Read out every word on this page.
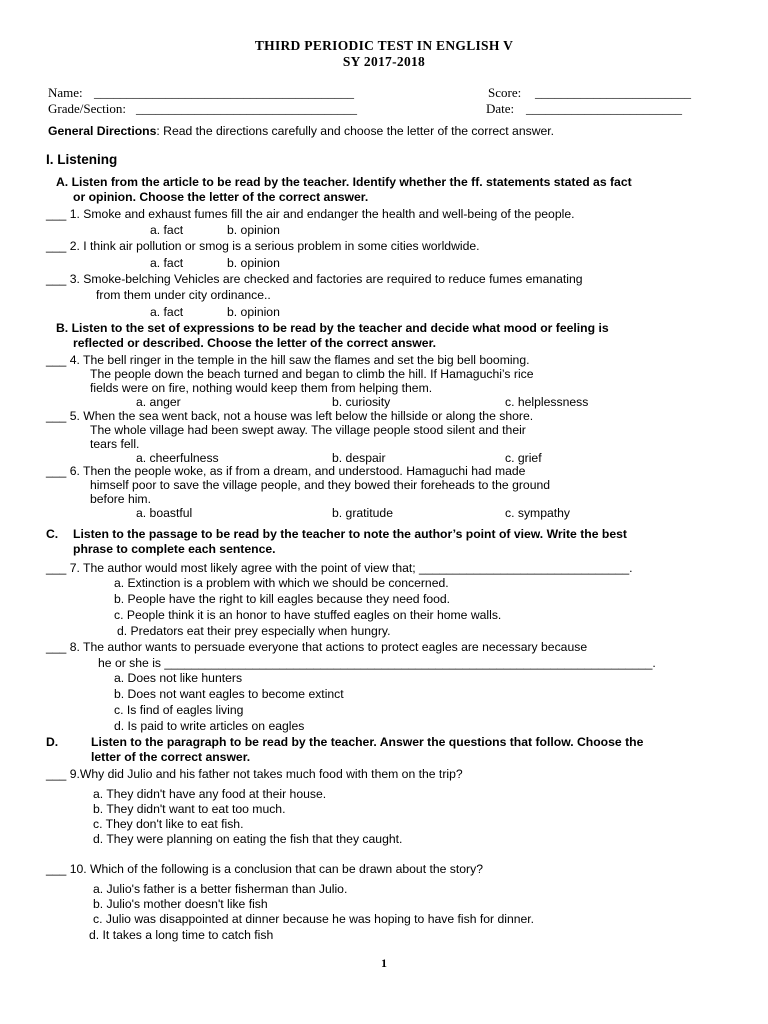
THIRD PERIODIC TEST IN ENGLISH V
SY 2017-2018
Name: ________________________________________	Score: ________________________
Grade/Section: __________________________________	Date: ________________________
General Directions: Read the directions carefully and choose the letter of the correct answer.
I. Listening
A. Listen from the article to be read by the teacher. Identify whether the ff. statements stated as fact
or opinion. Choose the letter of the correct answer.
___ 1. Smoke and exhaust fumes fill the air and endanger the health and well-being of the people.
a. fact	b. opinion
___ 2. I think air pollution or smog is a serious problem in some cities worldwide.
a. fact	b. opinion
___ 3. Smoke-belching Vehicles are checked and factories are required to reduce fumes emanating
from them under city ordinance..
a. fact	b. opinion
B. Listen to the set of expressions to be read by the teacher and decide what mood or feeling is
reflected or described. Choose the letter of the correct answer.
___ 4. The bell ringer in the temple in the hill saw the flames and set the big bell booming.
The people down the beach turned and began to climb the hill. If Hamaguchi’s rice
fields were on fire, nothing would keep them from helping them.
a. anger	b. curiosity	c. helplessness
___ 5. When the sea went back, not a house was left below the hillside or along the shore.
The whole village had been swept away. The village people stood silent and their
tears fell.
a. cheerfulness	b. despair	c. grief
___ 6. Then the people woke, as if from a dream, and understood. Hamaguchi had made
himself poor to save the village people, and they bowed their foreheads to the ground
before him.
a. boastful	b. gratitude	c. sympathy
C. Listen to the passage to be read by the teacher to note the author’s point of view. Write the best
phrase to complete each sentence.
___ 7. The author would most likely agree with the point of view that; _______________________________.
a. Extinction is a problem with which we should be concerned.
b. People have the right to kill eagles because they need food.
c. People think it is an honor to have stuffed eagles on their home walls.
d. Predators eat their prey especially when hungry.
___ 8. The author wants to persuade everyone that actions to protect eagles are necessary because
he or she is ________________________________________________________________________.
a. Does not like hunters
b. Does not want eagles to become extinct
c. Is find of eagles living
d. Is paid to write articles on eagles
D.	Listen to the paragraph to be read by the teacher. Answer the questions that follow. Choose the
letter of the correct answer.
___ 9.Why did Julio and his father not takes much food with them on the trip?
a. They didn't have any food at their house.
b. They didn't want to eat too much.
c. They don't like to eat fish.
d. They were planning on eating the fish that they caught.
___ 10. Which of the following is a conclusion that can be drawn about the story?
a. Julio's father is a better fisherman than Julio.
b. Julio's mother doesn't like fish
c. Julio was disappointed at dinner because he was hoping to have fish for dinner.
d. It takes a long time to catch fish
1
